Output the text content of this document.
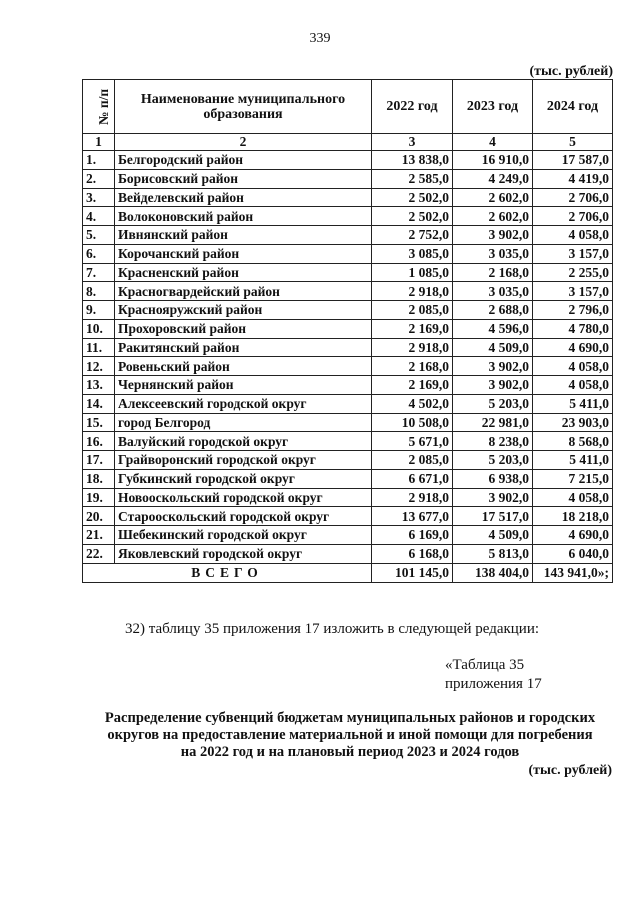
339
(тыс. рублей)
№ п/п	Наименование муниципального образования	2022 год	2023 год	2024 год
1	2	3	4	5
1.	Белгородский район	13 838,0	16 910,0	17 587,0
2.	Борисовский район	2 585,0	4 249,0	4 419,0
3.	Вейделевский район	2 502,0	2 602,0	2 706,0
4.	Волоконовский район	2 502,0	2 602,0	2 706,0
5.	Ивнянский район	2 752,0	3 902,0	4 058,0
6.	Корочанский район	3 085,0	3 035,0	3 157,0
7.	Красненский район	1 085,0	2 168,0	2 255,0
8.	Красногвардейский район	2 918,0	3 035,0	3 157,0
9.	Краснояружский район	2 085,0	2 688,0	2 796,0
10.	Прохоровский район	2 169,0	4 596,0	4 780,0
11.	Ракитянский район	2 918,0	4 509,0	4 690,0
12.	Ровеньский район	2 168,0	3 902,0	4 058,0
13.	Чернянский район	2 169,0	3 902,0	4 058,0
14.	Алексеевский городской округ	4 502,0	5 203,0	5 411,0
15.	город Белгород	10 508,0	22 981,0	23 903,0
16.	Валуйский городской округ	5 671,0	8 238,0	8 568,0
17.	Грайворонский городской округ	2 085,0	5 203,0	5 411,0
18.	Губкинский городской округ	6 671,0	6 938,0	7 215,0
19.	Новооскольский городской округ	2 918,0	3 902,0	4 058,0
20.	Старооскольский городской округ	13 677,0	17 517,0	18 218,0
21.	Шебекинский городской округ	6 169,0	4 509,0	4 690,0
22.	Яковлевский городской округ	6 168,0	5 813,0	6 040,0
ВСЕГО		101 145,0	138 404,0	143 941,0»;
32) таблицу 35 приложения 17 изложить в следующей редакции:
«Таблица 35
приложения 17
Распределение субвенций бюджетам муниципальных районов и городских
округов на предоставление материальной и иной помощи для погребения
на 2022 год и на плановый период 2023 и 2024 годов
(тыс. рублей)
